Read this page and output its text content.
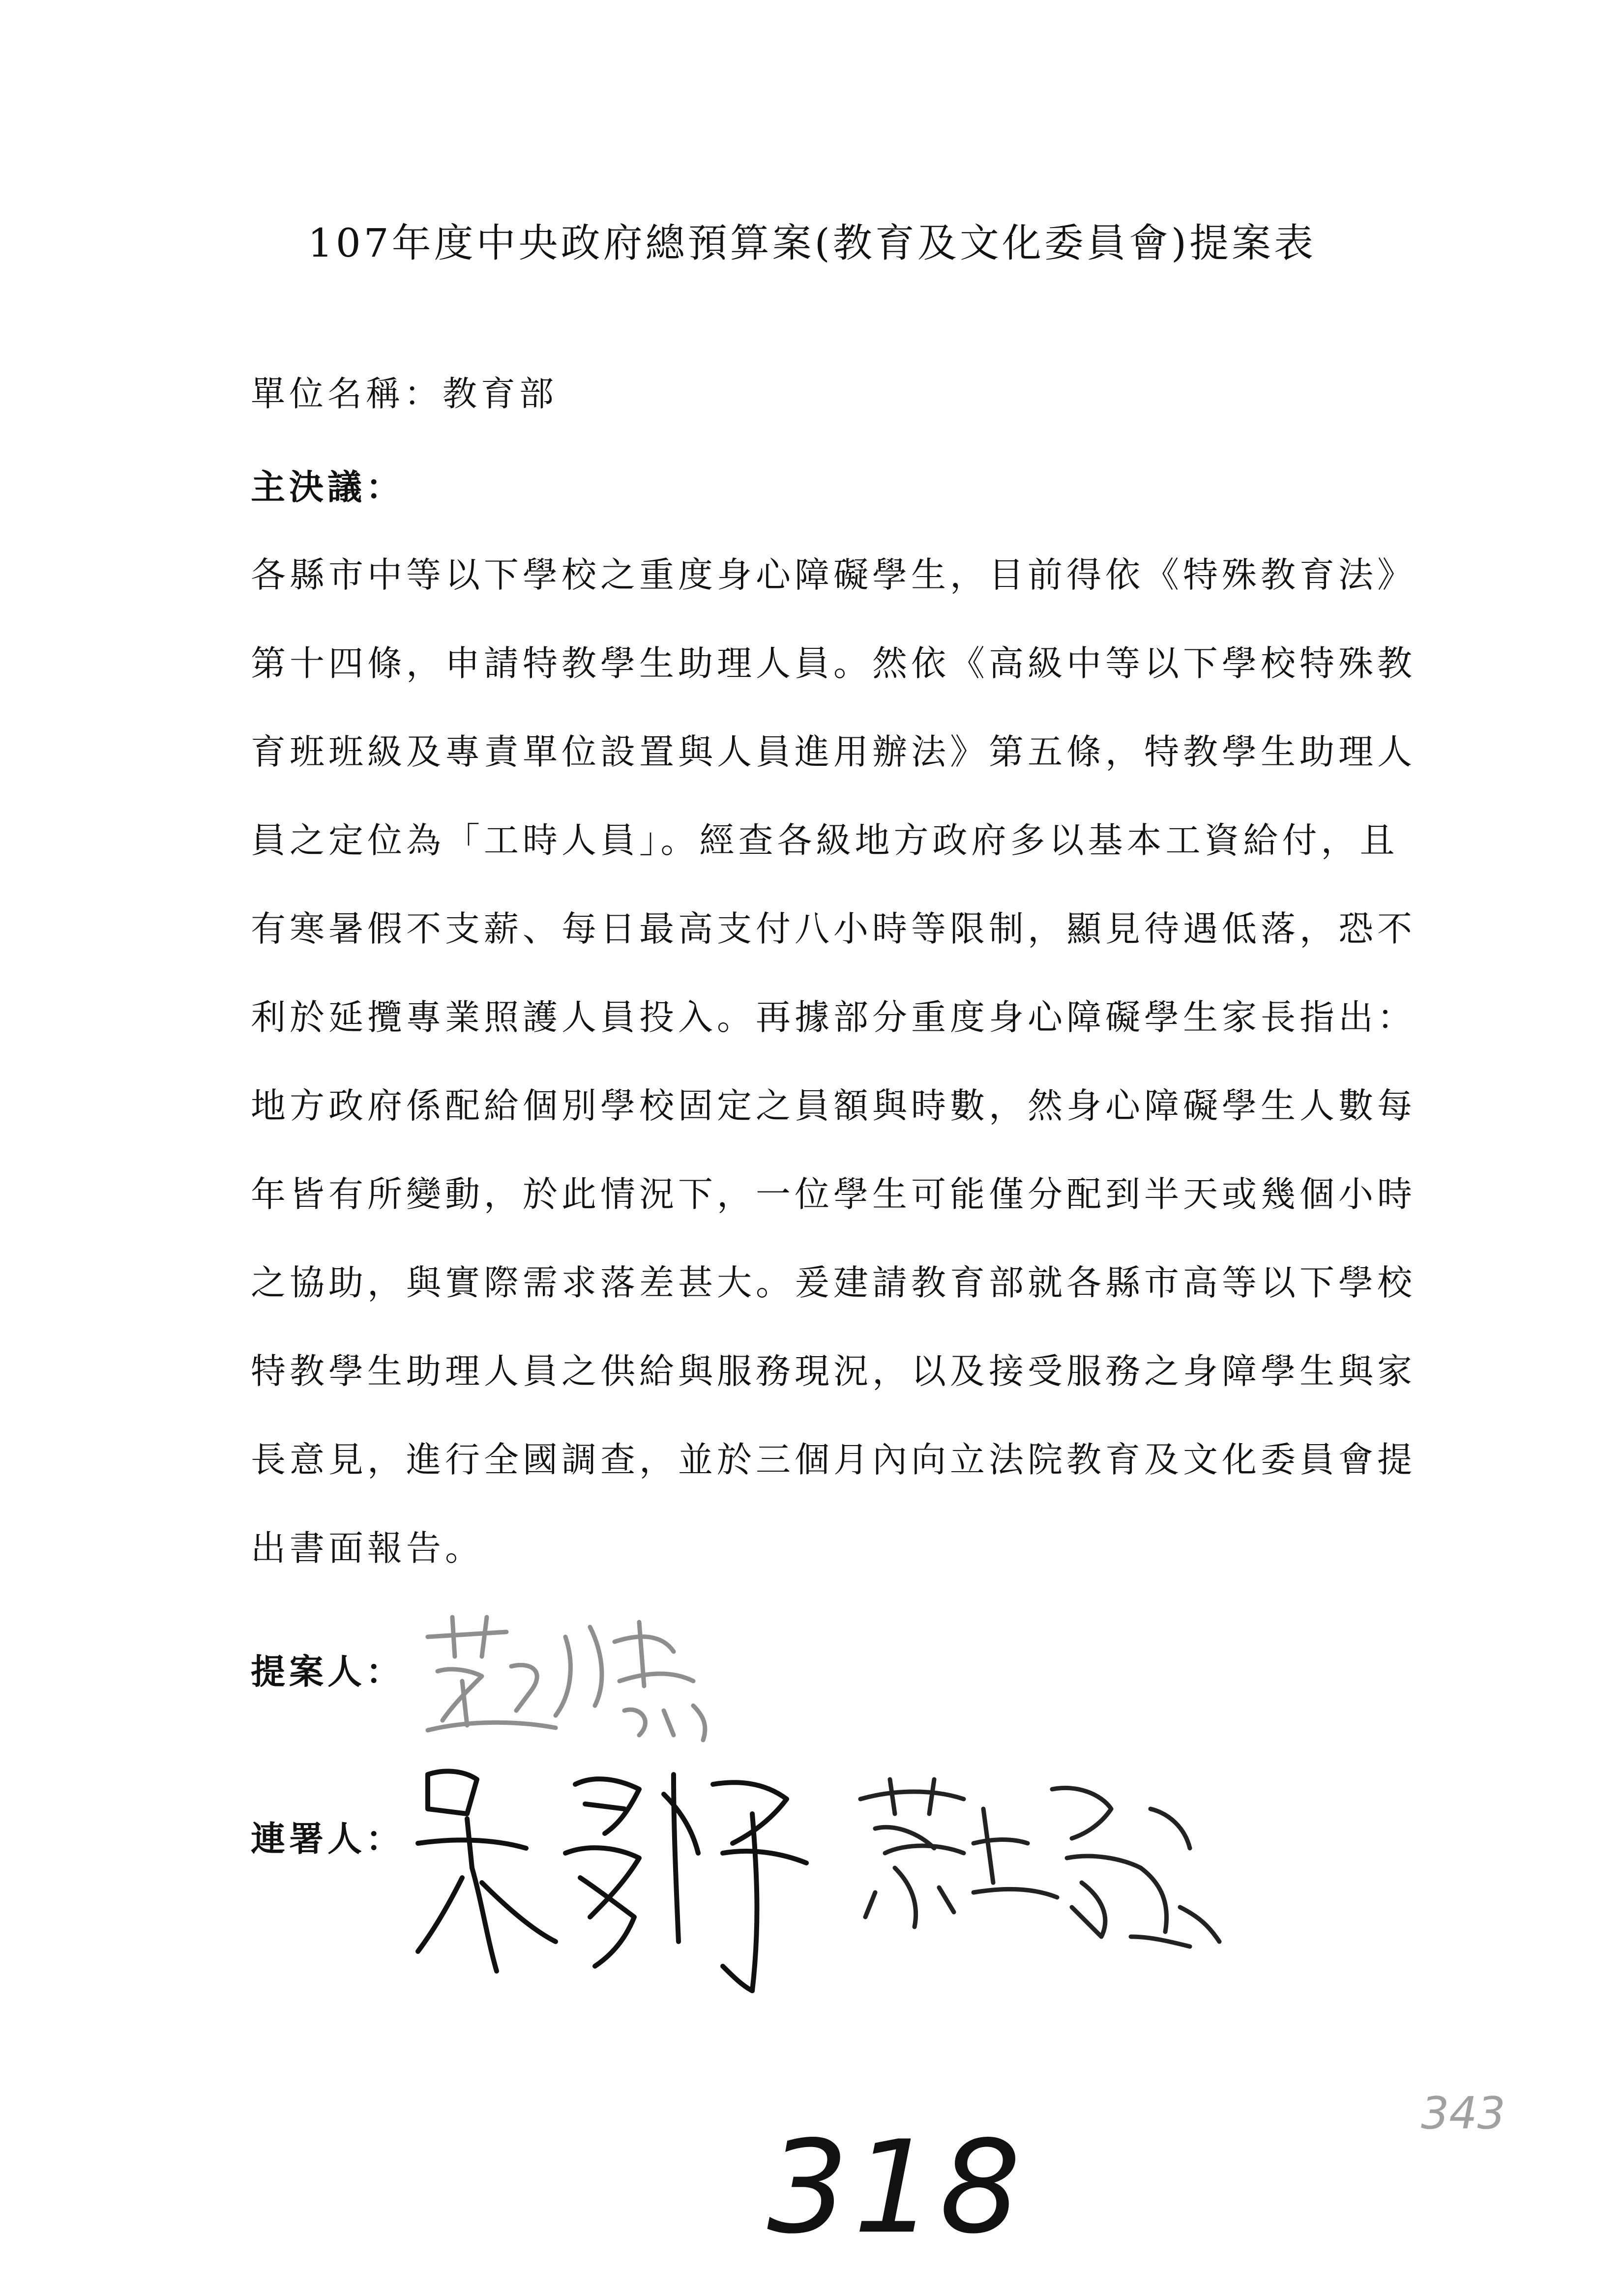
107年度中央政府總預算案(教育及文化委員會)提案表
單位名稱：教育部
主決議：
各縣市中等以下學校之重度身心障礙學生，目前得依《特殊教育法》
第十四條，申請特教學生助理人員。然依《高級中等以下學校特殊教
育班班級及專責單位設置與人員進用辦法》第五條，特教學生助理人
員之定位為「工時人員」。經查各級地方政府多以基本工資給付，且
有寒暑假不支薪、每日最高支付八小時等限制，顯見待遇低落，恐不
利於延攬專業照護人員投入。再據部分重度身心障礙學生家長指出：
地方政府係配給個別學校固定之員額與時數，然身心障礙學生人數每
年皆有所變動，於此情況下，一位學生可能僅分配到半天或幾個小時
之協助，與實際需求落差甚大。爰建請教育部就各縣市高等以下學校
特教學生助理人員之供給與服務現況，以及接受服務之身障學生與家
長意見，進行全國調查，並於三個月內向立法院教育及文化委員會提
出書面報告。
提案人：
連署人：
318
343
